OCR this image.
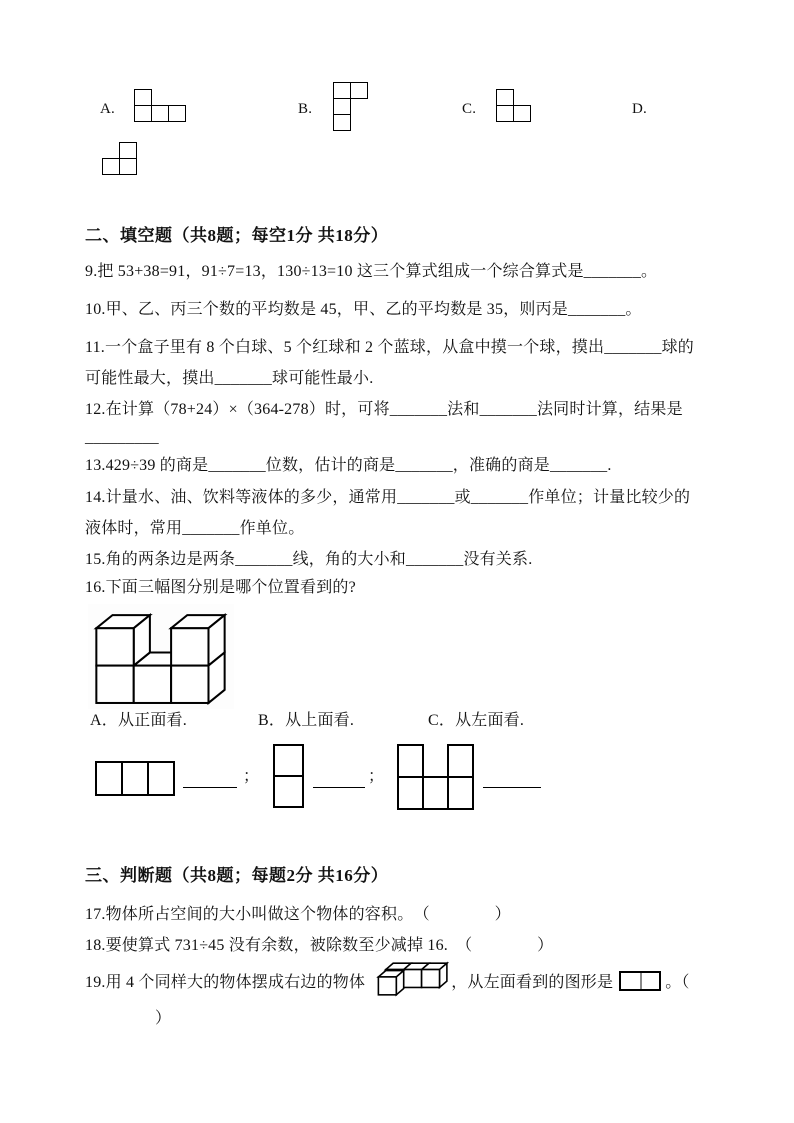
A.	B.	C.	D.
二、填空题（共8题；每空1分 共18分）

9.把 53+38=91，91÷7=13，130÷13=10 这三个算式组成一个综合算式是_______。

10.甲、乙、丙三个数的平均数是 45，甲、乙的平均数是 35，则丙是_______。

11.一个盒子里有 8 个白球、5 个红球和 2 个蓝球，从盒中摸一个球，摸出_______球的

可能性最大，摸出_______球可能性最小.

12.在计算（78+24）×（364-278）时，可将_______法和_______法同时计算，结果是

_________

13.429÷39 的商是_______位数，估计的商是_______，准确的商是_______.

14.计量水、油、饮料等液体的多少，通常用_______或_______作单位；计量比较少的

液体时，常用_______作单位。

15.角的两条边是两条_______线，角的大小和_______没有关系.

16.下面三幅图分别是哪个位置看到的?

A．从正面看.	B．从上面看.	C．从左面看.
；	；
三、判断题（共8题；每题2分 共16分）

17.物体所占空间的大小叫做这个物体的容积。　（　　　　）

18.要使算式 731÷45 没有余数，被除数至少减掉 16.　（　　　　）

19.用 4 个同样大的物体摆成右边的物体	，从左面看到的图形是	。（

）
